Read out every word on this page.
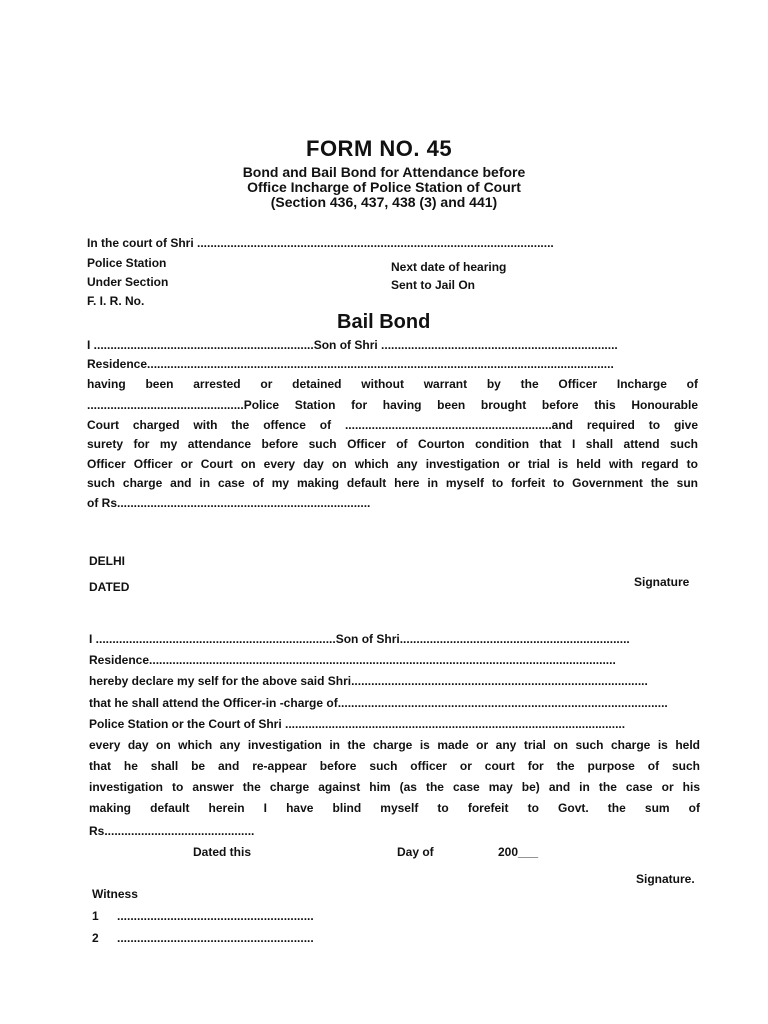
FORM NO. 45
Bond and Bail Bond for Attendance before
Office Incharge of Police Station of Court
(Section 436, 437, 438 (3) and 441)
In the court of Shri ...........................................................................................................
Police Station
Under Section
F. I. R. No.
Next date of hearing
Sent to Jail On
Bail Bond
I ..................................................................Son of Shri .......................................................................
Residence............................................................................................................................................
having been arrested or detained without warrant by the Officer Incharge of
...............................................Police Station for having been brought before this Honourable
Court charged with the offence of ..............................................................and required to give
surety for my attendance before such Officer of Courton condition that I shall attend such
Officer Officer or Court on every day on which any investigation or trial is held with regard to
such charge and in case of my making default here in myself to forfeit to Government the sun
of Rs............................................................................
DELHI
DATED	Signature
I ........................................................................Son of Shri.....................................................................
Residence............................................................................................................................................
hereby declare my self for the above said Shri.........................................................................................
that he shall attend the Officer-in -charge of...................................................................................................
Police Station or the Court of Shri ......................................................................................................
every day on which any investigation in the charge is made or any trial on such charge is held
that he shall be and re-appear before such officer or court for the purpose of such
investigation to answer the charge against him (as the case may be) and in the case or his
making default herein I have blind myself to forefeit to Govt. the sum of
Rs.............................................
Dated this	Day of	200___
Signature.
Witness
1 ...........................................................
2 ...........................................................
